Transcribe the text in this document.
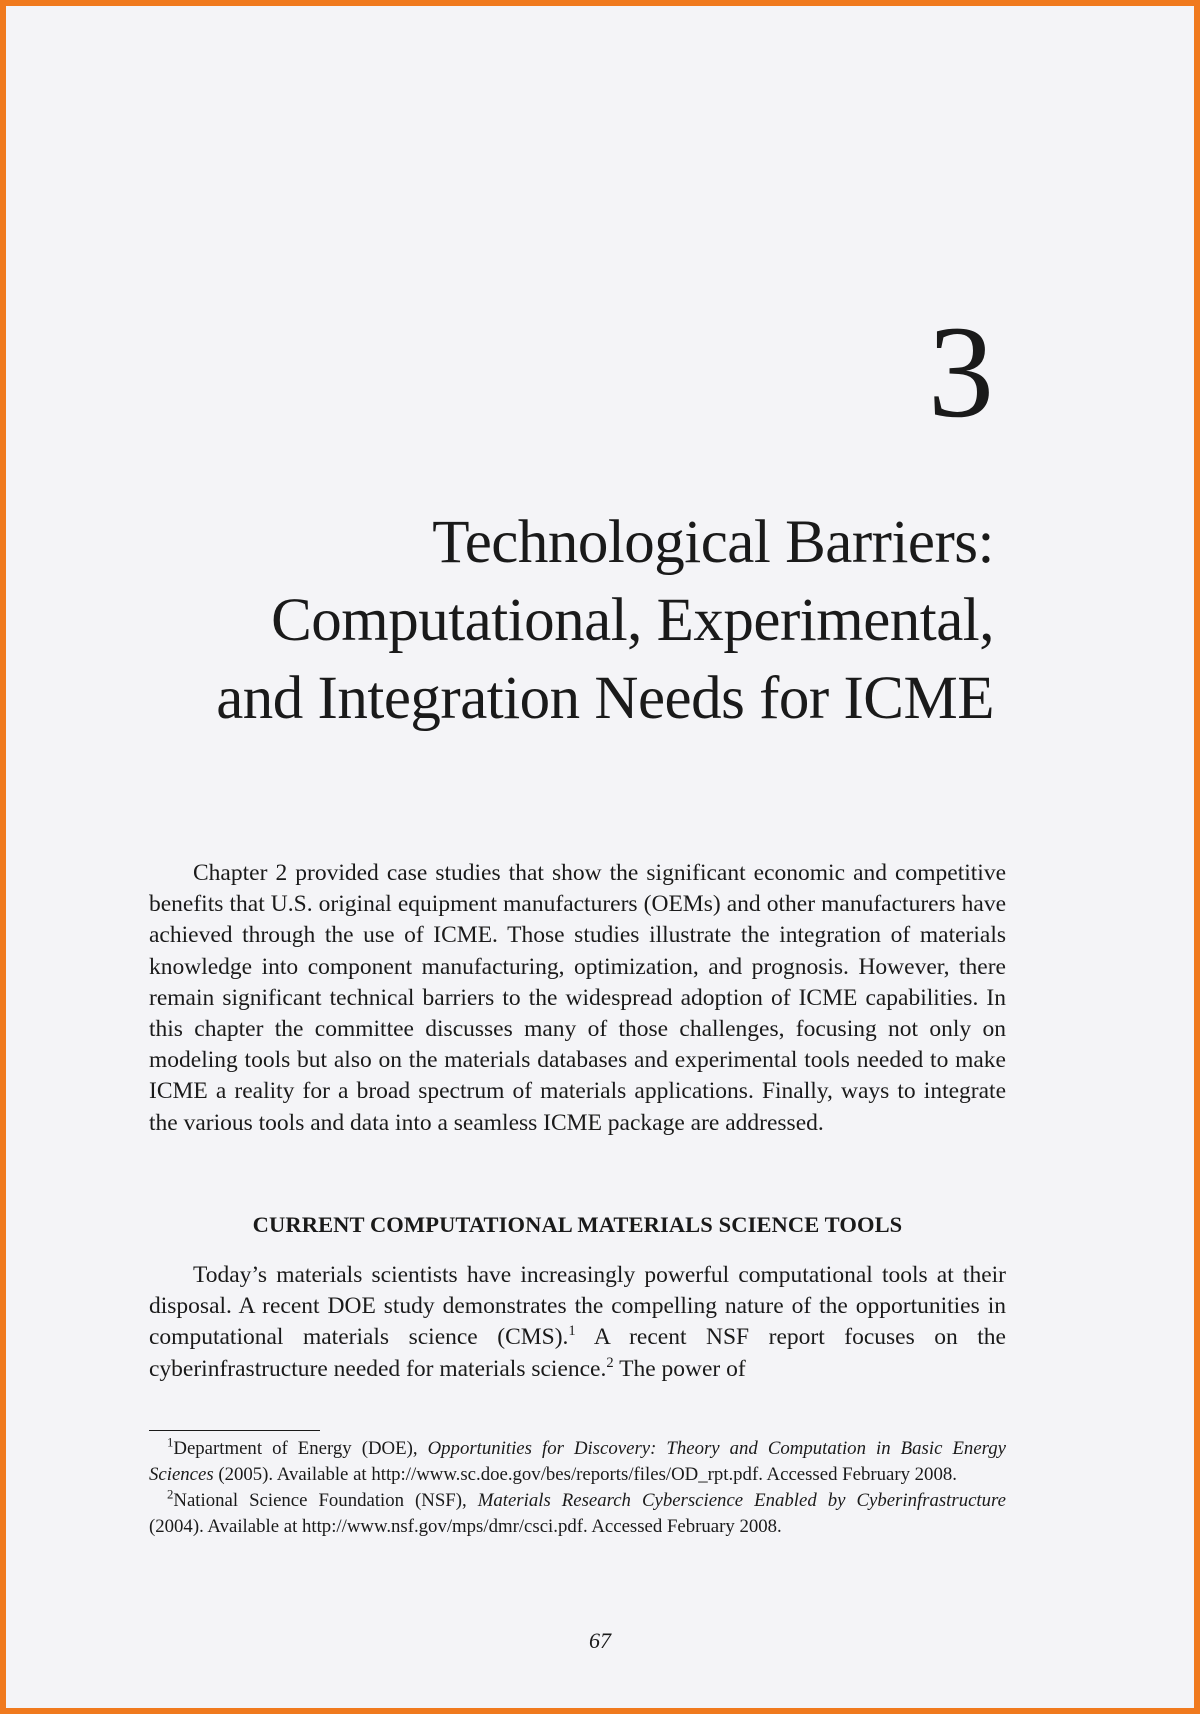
3
Technological Barriers:
Computational, Experimental,
and Integration Needs for ICME

Chapter 2 provided case studies that show the significant economic and competitive benefits that U.S. original equipment manufacturers (OEMs) and other manufacturers have achieved through the use of ICME. Those studies illustrate the integration of materials knowledge into component manufacturing, optimization, and prognosis. However, there remain significant technical barriers to the widespread adoption of ICME capabilities. In this chapter the committee discusses many of those challenges, focusing not only on modeling tools but also on the materials databases and experimental tools needed to make ICME a reality for a broad spectrum of materials applications. Finally, ways to integrate the various tools and data into a seamless ICME package are addressed.

CURRENT COMPUTATIONAL MATERIALS SCIENCE TOOLS

Today’s materials scientists have increasingly powerful computational tools at their disposal. A recent DOE study demonstrates the compelling nature of the opportunities in computational materials science (CMS).$^1$ A recent NSF report focuses on the cyberinfrastructure needed for materials science.$^2$ The power of

$^1$Department of Energy (DOE), Opportunities for Discovery: Theory and Computation in Basic Energy Sciences (2005). Available at http://www.sc.doe.gov/bes/reports/files/OD_rpt.pdf. Accessed February 2008.

$^2$National Science Foundation (NSF), Materials Research Cyberscience Enabled by Cyberinfrastructure (2004). Available at http://www.nsf.gov/mps/dmr/csci.pdf. Accessed February 2008.

67
